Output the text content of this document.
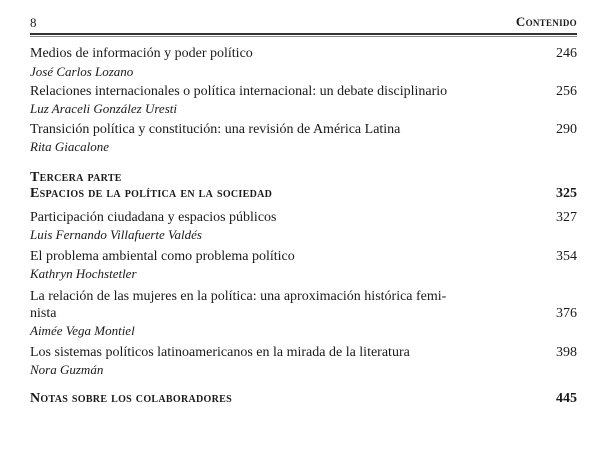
8	Contenido
Medios de información y poder político	246
José Carlos Lozano
Relaciones internacionales o política internacional: un debate disciplinario	256
Luz Araceli González Uresti
Transición política y constitución: una revisión de América Latina	290
Rita Giacalone
Tercera parte
Espacios de la política en la sociedad	325
Participación ciudadana y espacios públicos	327
Luis Fernando Villafuerte Valdés
El problema ambiental como problema político	354
Kathryn Hochstetler
La relación de las mujeres en la política: una aproximación histórica femi-
nista	376
Aimée Vega Montiel
Los sistemas políticos latinoamericanos en la mirada de la literatura	398
Nora Guzmán
Notas sobre los colaboradores	445
